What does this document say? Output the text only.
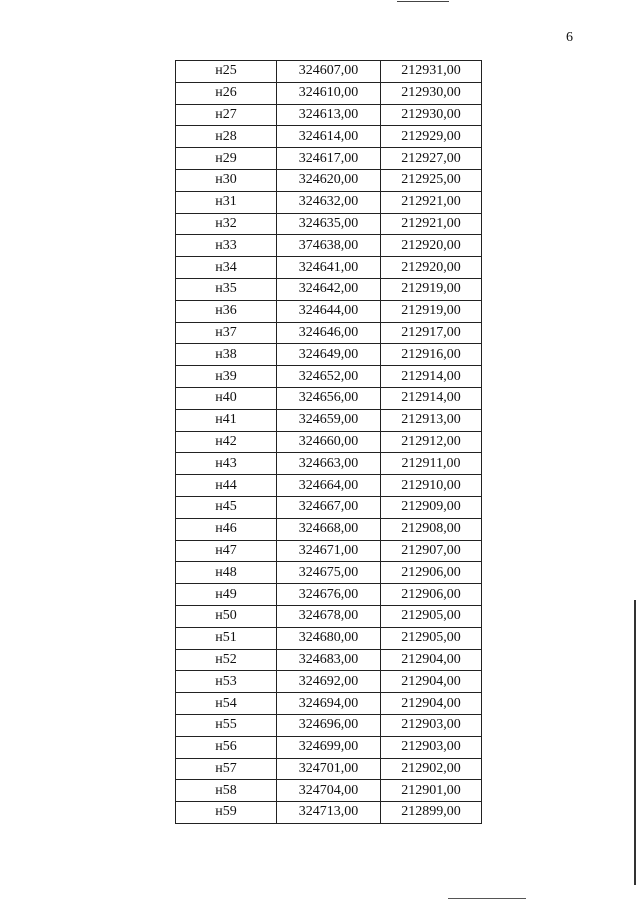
6
н25	324607,00	212931,00
н26	324610,00	212930,00
н27	324613,00	212930,00
н28	324614,00	212929,00
н29	324617,00	212927,00
н30	324620,00	212925,00
н31	324632,00	212921,00
н32	324635,00	212921,00
н33	374638,00	212920,00
н34	324641,00	212920,00
н35	324642,00	212919,00
н36	324644,00	212919,00
н37	324646,00	212917,00
н38	324649,00	212916,00
н39	324652,00	212914,00
н40	324656,00	212914,00
н41	324659,00	212913,00
н42	324660,00	212912,00
н43	324663,00	212911,00
н44	324664,00	212910,00
н45	324667,00	212909,00
н46	324668,00	212908,00
н47	324671,00	212907,00
н48	324675,00	212906,00
н49	324676,00	212906,00
н50	324678,00	212905,00
н51	324680,00	212905,00
н52	324683,00	212904,00
н53	324692,00	212904,00
н54	324694,00	212904,00
н55	324696,00	212903,00
н56	324699,00	212903,00
н57	324701,00	212902,00
н58	324704,00	212901,00
н59	324713,00	212899,00
